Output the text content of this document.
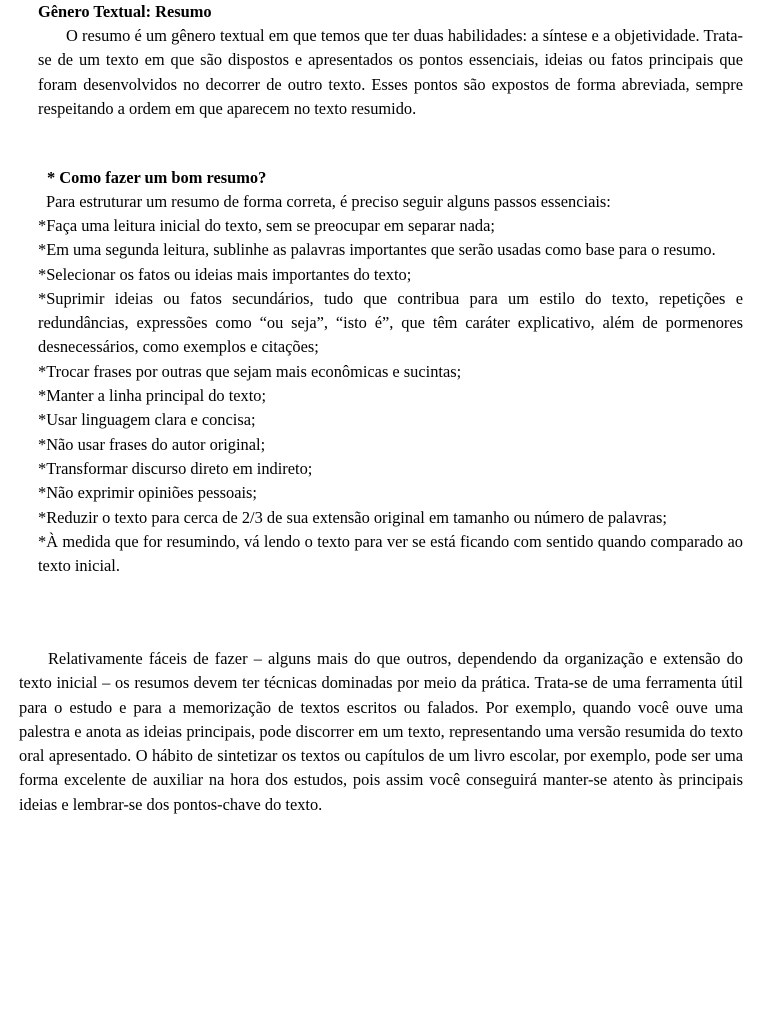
Gênero Textual: Resumo

O resumo é um gênero textual em que temos que ter duas habilidades: a síntese e a objetividade. Trata-se de um texto em que são dispostos e apresentados os pontos essenciais, ideias ou fatos principais que foram desenvolvidos no decorrer de outro texto. Esses pontos são expostos de forma abreviada, sempre respeitando a ordem em que aparecem no texto resumido.

* Como fazer um bom resumo?

Para estruturar um resumo de forma correta, é preciso seguir alguns passos essenciais:

*Faça uma leitura inicial do texto, sem se preocupar em separar nada;

*Em uma segunda leitura, sublinhe as palavras importantes que serão usadas como base para o resumo.

*Selecionar os fatos ou ideias mais importantes do texto;

*Suprimir ideias ou fatos secundários, tudo que contribua para um estilo do texto, repetições e redundâncias, expressões como “ou seja”, “isto é”, que têm caráter explicativo, além de pormenores desnecessários, como exemplos e citações;

*Trocar frases por outras que sejam mais econômicas e sucintas;

*Manter a linha principal do texto;

*Usar linguagem clara e concisa;

*Não usar frases do autor original;

*Transformar discurso direto em indireto;

*Não exprimir opiniões pessoais;

*Reduzir o texto para cerca de 2/3 de sua extensão original em tamanho ou número de palavras;

*À medida que for resumindo, vá lendo o texto para ver se está ficando com sentido quando comparado ao texto inicial.

Relativamente fáceis de fazer – alguns mais do que outros, dependendo da organização e extensão do texto inicial – os resumos devem ter técnicas dominadas por meio da prática. Trata-se de uma ferramenta útil para o estudo e para a memorização de textos escritos ou falados. Por exemplo, quando você ouve uma palestra e anota as ideias principais, pode discorrer em um texto, representando uma versão resumida do texto oral apresentado. O hábito de sintetizar os textos ou capítulos de um livro escolar, por exemplo, pode ser uma forma excelente de auxiliar na hora dos estudos, pois assim você conseguirá manter-se atento às principais ideias e lembrar-se dos pontos-chave do texto.
